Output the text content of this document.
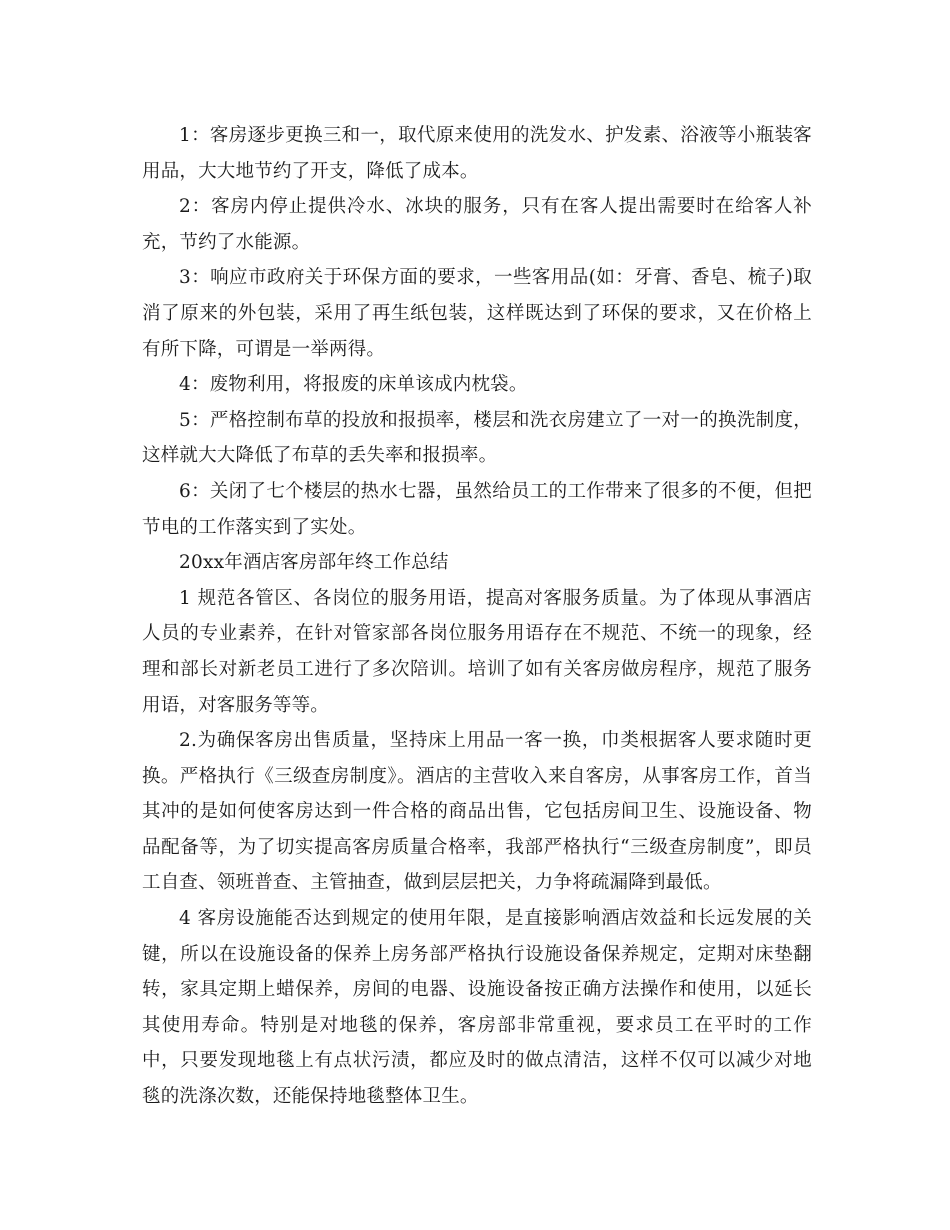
1：客房逐步更换三和一，取代原来使用的洗发水、护发素、浴液等小瓶装客用品，大大地节约了开支，降低了成本。

2：客房内停止提供冷水、冰块的服务，只有在客人提出需要时在给客人补充，节约了水能源。

3：响应市政府关于环保方面的要求，一些客用品(如：牙膏、香皂、梳子)取消了原来的外包装，采用了再生纸包装，这样既达到了环保的要求，又在价格上有所下降，可谓是一举两得。

4：废物利用，将报废的床单该成内枕袋。

5：严格控制布草的投放和报损率，楼层和洗衣房建立了一对一的换洗制度，这样就大大降低了布草的丢失率和报损率。

6：关闭了七个楼层的热水七器，虽然给员工的工作带来了很多的不便，但把节电的工作落实到了实处。

20xx年酒店客房部年终工作总结

1 规范各管区、各岗位的服务用语，提高对客服务质量。为了体现从事酒店人员的专业素养，在针对管家部各岗位服务用语存在不规范、不统一的现象，经理和部长对新老员工进行了多次陪训。培训了如有关客房做房程序，规范了服务用语，对客服务等等。

2.为确保客房出售质量，坚持床上用品一客一换，巾类根据客人要求随时更换。严格执行《三级查房制度》。酒店的主营收入来自客房，从事客房工作，首当其冲的是如何使客房达到一件合格的商品出售，它包括房间卫生、设施设备、物品配备等，为了切实提高客房质量合格率，我部严格执行“三级查房制度”，即员工自查、领班普查、主管抽查，做到层层把关，力争将疏漏降到最低。

4 客房设施能否达到规定的使用年限，是直接影响酒店效益和长远发展的关键，所以在设施设备的保养上房务部严格执行设施设备保养规定，定期对床垫翻转，家具定期上蜡保养，房间的电器、设施设备按正确方法操作和使用，以延长其使用寿命。特别是对地毯的保养，客房部非常重视，要求员工在平时的工作中，只要发现地毯上有点状污渍，都应及时的做点清洁，这样不仅可以减少对地毯的洗涤次数，还能保持地毯整体卫生。
